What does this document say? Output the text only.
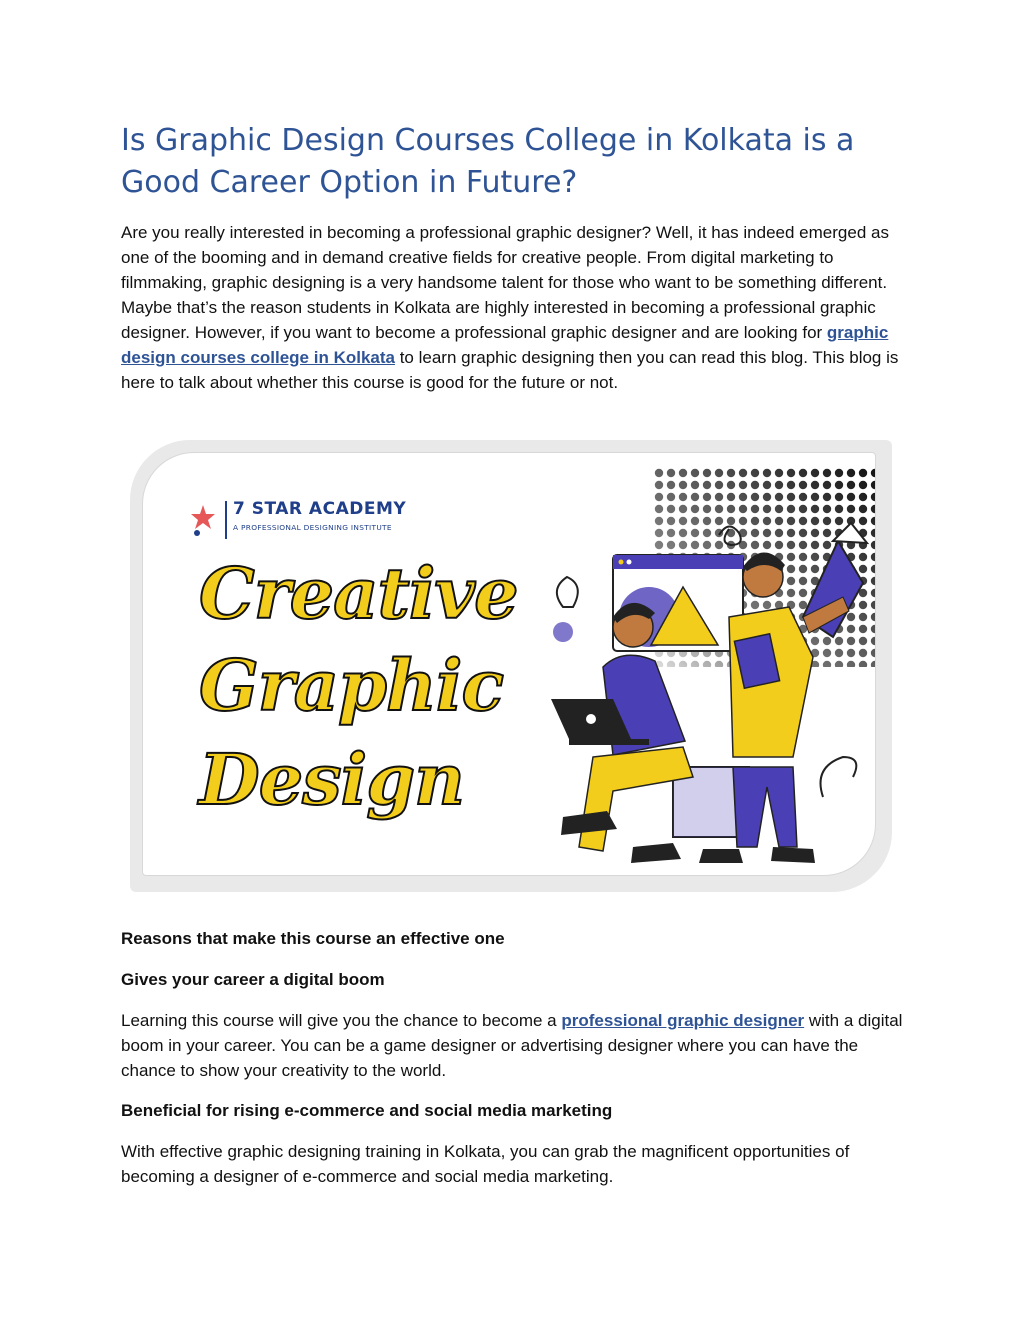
Is Graphic Design Courses College in Kolkata is a Good Career Option in Future?

Are you really interested in becoming a professional graphic designer? Well, it has indeed emerged as one of the booming and in demand creative fields for creative people. From digital marketing to filmmaking, graphic designing is a very handsome talent for those who want to be something different. Maybe that’s the reason students in Kolkata are highly interested in becoming a professional graphic designer. However, if you want to become a professional graphic designer and are looking for graphic design courses college in Kolkata to learn graphic designing then you can read this blog. This blog is here to talk about whether this course is good for the future or not.

7 STAR ACADEMY
A PROFESSIONAL DESIGNING INSTITUTE
Creative
Graphic
Design
Reasons that make this course an effective one
Gives your career a digital boom

Learning this course will give you the chance to become a professional graphic designer with a digital boom in your career. You can be a game designer or advertising designer where you can have the chance to show your creativity to the world.

Beneficial for rising e-commerce and social media marketing

With effective graphic designing training in Kolkata, you can grab the magnificent opportunities of becoming a designer of e-commerce and social media marketing.
